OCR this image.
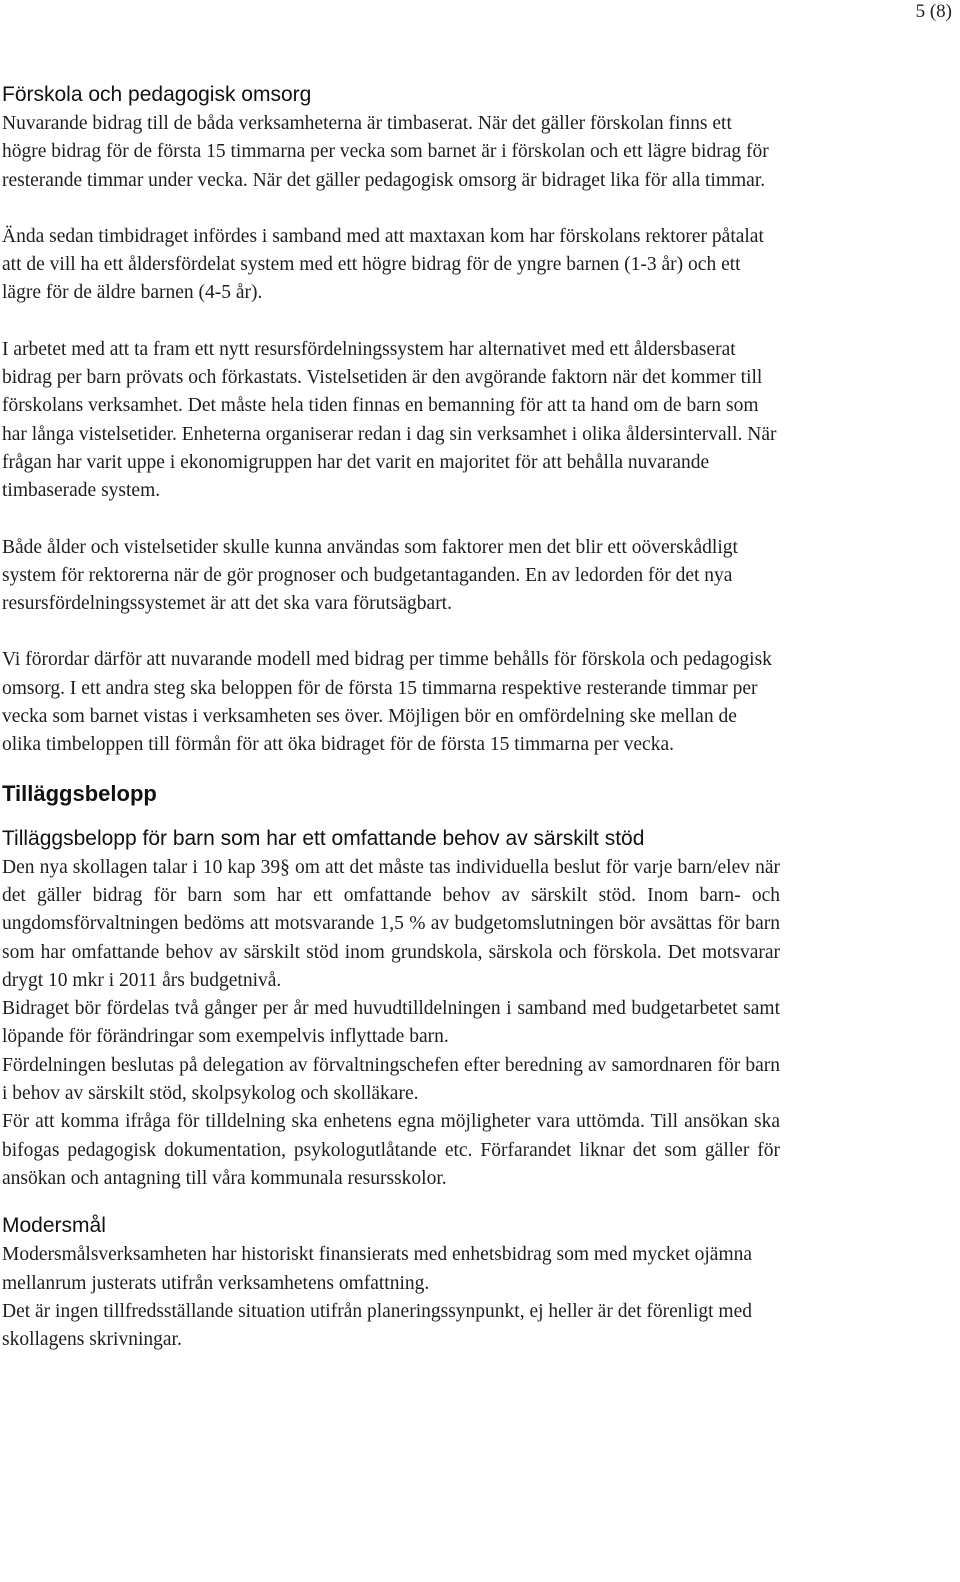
5 (8)
Förskola och pedagogisk omsorg

Nuvarande bidrag till de båda verksamheterna är timbaserat. När det gäller förskolan finns ett högre bidrag för de första 15 timmarna per vecka som barnet är i förskolan och ett lägre bidrag för resterande timmar under vecka. När det gäller pedagogisk omsorg är bidraget lika för alla timmar.

Ända sedan timbidraget infördes i samband med att maxtaxan kom har förskolans rektorer påtalat att de vill ha ett åldersfördelat system med ett högre bidrag för de yngre barnen (1-3 år) och ett lägre för de äldre barnen (4-5 år).

I arbetet med att ta fram ett nytt resursfördelningssystem har alternativet med ett åldersbaserat bidrag per barn prövats och förkastats. Vistelsetiden är den avgörande faktorn när det kommer till förskolans verksamhet. Det måste hela tiden finnas en bemanning för att ta hand om de barn som har långa vistelsetider. Enheterna organiserar redan i dag sin verksamhet i olika åldersintervall. När frågan har varit uppe i ekonomigruppen har det varit en majoritet för att behålla nuvarande timbaserade system.

Både ålder och vistelsetider skulle kunna användas som faktorer men det blir ett oöverskådligt system för rektorerna när de gör prognoser och budgetantaganden. En av ledorden för det nya resursfördelningssystemet är att det ska vara förutsägbart.

Vi förordar därför att nuvarande modell med bidrag per timme behålls för förskola och pedagogisk omsorg. I ett andra steg ska beloppen för de första 15 timmarna respektive resterande timmar per vecka som barnet vistas i verksamheten ses över. Möjligen bör en omfördelning ske mellan de olika timbeloppen till förmån för att öka bidraget för de första 15 timmarna per vecka.

Tilläggsbelopp
Tilläggsbelopp för barn som har ett omfattande behov av särskilt stöd

Den nya skollagen talar i 10 kap 39§ om att det måste tas individuella beslut för varje barn/elev när det gäller bidrag för barn som har ett omfattande behov av särskilt stöd. Inom barn- och ungdomsförvaltningen bedöms att motsvarande 1,5 % av budgetomslutningen bör avsättas för barn som har omfattande behov av särskilt stöd inom grundskola, särskola och förskola. Det motsvarar drygt 10 mkr i 2011 års budgetnivå.

Bidraget bör fördelas två gånger per år med huvudtilldelningen i samband med budgetarbetet samt löpande för förändringar som exempelvis inflyttade barn.

Fördelningen beslutas på delegation av förvaltningschefen efter beredning av samordnaren för barn i behov av särskilt stöd, skolpsykolog och skolläkare.

För att komma ifråga för tilldelning ska enhetens egna möjligheter vara uttömda. Till ansökan ska bifogas pedagogisk dokumentation, psykologutlåtande etc. Förfarandet liknar det som gäller för ansökan och antagning till våra kommunala resursskolor.

Modersmål

Modersmålsverksamheten har historiskt finansierats med enhetsbidrag som med mycket ojämna mellanrum justerats utifrån verksamhetens omfattning.

Det är ingen tillfredsställande situation utifrån planeringssynpunkt, ej heller är det förenligt med skollagens skrivningar.
